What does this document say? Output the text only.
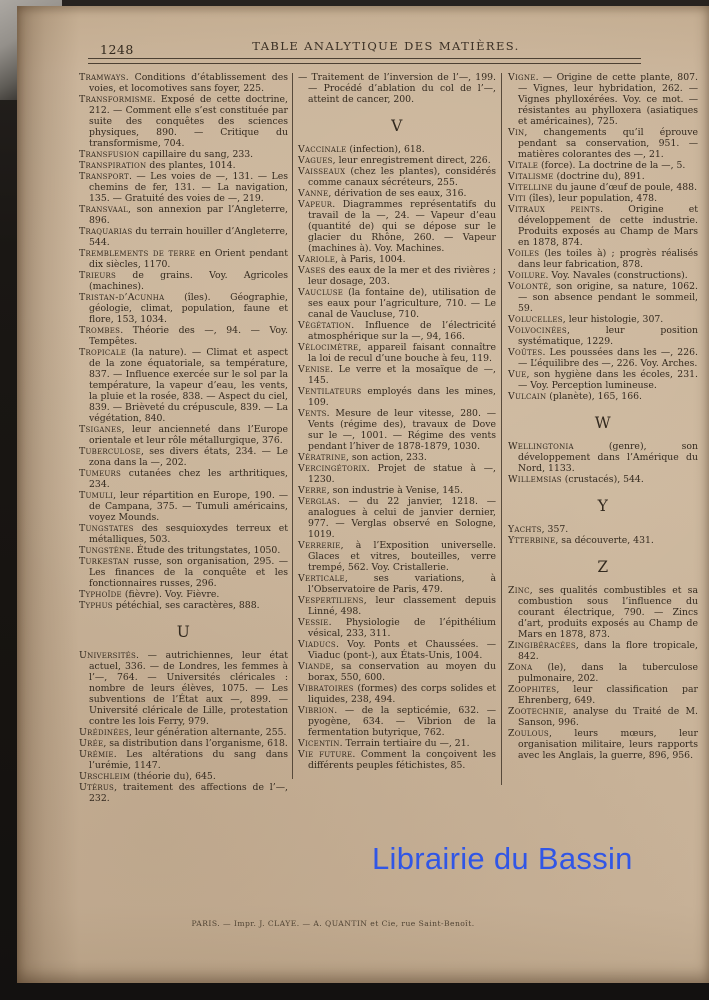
1248	TABLE ANALYTIQUE DES MATIÈRES.

Tramways. Conditions d’établissement des voies, et locomotives sans foyer, 225.

Transformisme. Exposé de cette doctrine, 212. — Comment elle s’est constituée par suite des conquêtes des sciences physiques, 890. — Critique du transformisme, 704.

Transfusion capillaire du sang, 233.

Transpiration des plantes, 1014.

Transport. — Les voies de —, 131. — Les chemins de fer, 131. — La navigation, 135. — Gratuité des voies de —, 219.

Transvaal, son annexion par l’Angleterre, 896.

Traquarias du terrain houiller d’Angleterre, 544.

Tremblements de terre en Orient pendant dix siècles, 1170.

Trieurs de grains. Voy. Agricoles (machines).

Tristan-d’Acunha (îles). Géographie, géologie, climat, population, faune et flore, 153, 1034.

Trombes. Théorie des —, 94. — Voy. Tempêtes.

Tropicale (la nature). — Climat et aspect de la zone équatoriale, sa température, 837. — Influence exercée sur le sol par la température, la vapeur d’eau, les vents, la pluie et la rosée, 838. — Aspect du ciel, 839. — Brièveté du crépuscule, 839. — La végétation, 840.

Tsiganes, leur ancienneté dans l’Europe orientale et leur rôle métallurgique, 376.

Tuberculose, ses divers états, 234. — Le zona dans la —, 202.

Tumeurs cutanées chez les arthritiques, 234.

Tumuli, leur répartition en Europe, 190. — de Campana, 375. — Tumuli américains, voyez Mounds.

Tungstates des sesquioxydes terreux et métalliques, 503.

Tungstène. Étude des tritungstates, 1050.

Turkestan russe, son organisation, 295. — Les finances de la conquête et les fonctionnaires russes, 296.

Typhoïde (fièvre). Voy. Fièvre.

Typhus pétéchial, ses caractères, 888.

U

Universités. — autrichiennes, leur état actuel, 336. — de Londres, les femmes à l’—, 764. — Universités cléricales : nombre de leurs élèves, 1075. — Les subventions de l’État aux —, 899. — Université cléricale de Lille, protestation contre les lois Ferry, 979.

Urédinées, leur génération alternante, 255.

Urée, sa distribution dans l’organisme, 618.

Urémie. Les altérations du sang dans l’urémie, 1147.

Urschleim (théorie du), 645.

Utérus, traitement des affections de l’—, 232.

— Traitement de l’inversion de l’—, 199. — Procédé d’ablation du col de l’—, atteint de cancer, 200.

V

Vaccinale (infection), 618.

Vagues, leur enregistrement direct, 226.

Vaisseaux (chez les plantes), considérés comme canaux sécréteurs, 255.

Vanne, dérivation de ses eaux, 316.

Vapeur. Diagrammes représentatifs du travail de la —, 24. — Vapeur d’eau (quantité de) qui se dépose sur le glacier du Rhône, 260. — Vapeur (machines à). Voy. Machines.

Variole, à Paris, 1004.

Vases des eaux de la mer et des rivières ; leur dosage, 203.

Vaucluse (la fontaine de), utilisation de ses eaux pour l’agriculture, 710. — Le canal de Vaucluse, 710.

Végétation. Influence de l’électricité atmosphérique sur la —, 94, 166.

Vélocimètre, appareil faisant connaître la loi de recul d’une bouche à feu, 119.

Venise. Le verre et la mosaïque de —, 145.

Ventilateurs employés dans les mines, 109.

Vents. Mesure de leur vitesse, 280. — Vents (régime des), travaux de Dove sur le —, 1001. — Régime des vents pendant l’hiver de 1878-1879, 1030.

Vératrine, son action, 233.

Vercingétorix. Projet de statue à —, 1230.

Verre, son industrie à Venise, 145.

Verglas. — du 22 janvier, 1218. — analogues à celui de janvier dernier, 977. — Verglas observé en Sologne, 1019.

Verrerie, à l’Exposition universelle. Glaces et vitres, bouteilles, verre trempé, 562. Voy. Cristallerie.

Verticale, ses variations, à l’Observatoire de Paris, 479.

Vespertiliens, leur classement depuis Linné, 498.

Vessie. Physiologie de l’épithélium vésical, 233, 311.

Viaducs. Voy. Ponts et Chaussées. — Viaduc (pont-), aux États-Unis, 1004.

Viande, sa conservation au moyen du borax, 550, 600.

Vibratoires (formes) des corps solides et liquides, 238, 494.

Vibrion. — de la septicémie, 632. — pyogène, 634. — Vibrion de la fermentation butyrique, 762.

Vicentin. Terrain tertiaire du —, 21.

Vie future. Comment la conçoivent les différents peuples fétichistes, 85.

Vigne. — Origine de cette plante, 807. — Vignes, leur hybridation, 262. — Vignes phylloxérées. Voy. ce mot. — résistantes au phylloxera (asiatiques et américaines), 725.

Vin, changements qu’il éprouve pendant sa conservation, 951. — matières colorantes des —, 21.

Vitale (force). La doctrine de la —, 5.

Vitalisme (doctrine du), 891.

Vitelline du jaune d’œuf de poule, 488.

Viti (îles), leur population, 478.

Vitraux peints. Origine et développement de cette industrie. Produits exposés au Champ de Mars en 1878, 874.

Voiles (les toiles à) ; progrès réalisés dans leur fabrication, 878.

Voilure. Voy. Navales (constructions).

Volonté, son origine, sa nature, 1062. — son absence pendant le sommeil, 59.

Volucelles, leur histologie, 307.

Volvocinées, leur position systématique, 1229.

Voûtes. Les poussées dans les —, 226. — L’équilibre des —, 226. Voy. Arches.

Vue, son hygiène dans les écoles, 231. — Voy. Perception lumineuse.

Vulcain (planète), 165, 166.

W

Wellingtonia (genre), son développement dans l’Amérique du Nord, 1133.

Willemsias (crustacés), 544.

Y

Yachts, 357.

Ytterbine, sa découverte, 431.

Z

Zinc, ses qualités combustibles et sa combustion sous l’influence du courant électrique, 790. — Zincs d’art, produits exposés au Champ de Mars en 1878, 873.

Zingibéracées, dans la flore tropicale, 842.

Zona (le), dans la tuberculose pulmonaire, 202.

Zoophites, leur classification par Ehrenberg, 649.

Zootechnie, analyse du Traité de M. Sanson, 996.

Zoulous, leurs mœurs, leur organisation militaire, leurs rapports avec les Anglais, la guerre, 896, 956.

PARIS. — Impr. J. CLAYE. — A. QUANTIN et Cie, rue Saint-Benoît.
Librairie du Bassin
